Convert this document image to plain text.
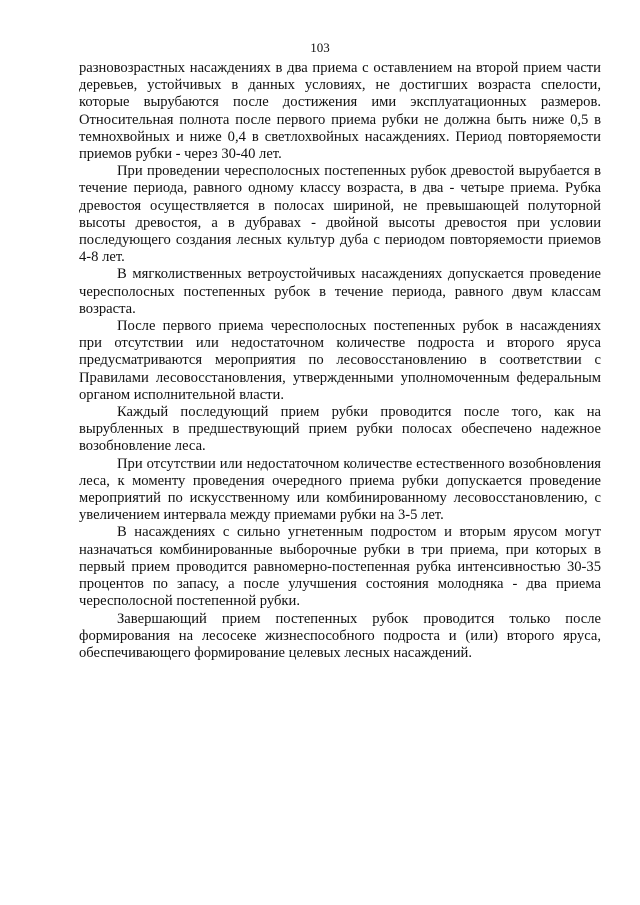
103

разновозрастных насаждениях в два приема с оставлением на второй прием части деревьев, устойчивых в данных условиях, не достигших возраста спелости, которые вырубаются после достижения ими эксплуатационных размеров. Относительная полнота после первого приема рубки не должна быть ниже 0,5 в темнохвойных и ниже 0,4 в светлохвойных насаждениях. Период повторяемости приемов рубки - через 30-40 лет.

При проведении чересполосных постепенных рубок древостой вырубается в течение периода, равного одному классу возраста, в два - четыре приема. Рубка древостоя осуществляется в полосах шириной, не превышающей полуторной высоты древостоя, а в дубравах - двойной высоты древостоя при условии последующего создания лесных культур дуба с периодом повторяемости приемов 4-8 лет.

В мягколиственных ветроустойчивых насаждениях допускается проведение чересполосных постепенных рубок в течение периода, равного двум классам возраста.

После первого приема чересполосных постепенных рубок в насаждениях при отсутствии или недостаточном количестве подроста и второго яруса предусматриваются мероприятия по лесовосстановлению в соответствии с Правилами лесовосстановления, утвержденными уполномоченным федеральным органом исполнительной власти.

Каждый последующий прием рубки проводится после того, как на вырубленных в предшествующий прием рубки полосах обеспечено надежное возобновление леса.

При отсутствии или недостаточном количестве естественного возобновления леса, к моменту проведения очередного приема рубки допускается проведение мероприятий по искусственному или комбинированному лесовосстановлению, с увеличением интервала между приемами рубки на 3-5 лет.

В насаждениях с сильно угнетенным подростом и вторым ярусом могут назначаться комбинированные выборочные рубки в три приема, при которых в первый прием проводится равномерно-постепенная рубка интенсивностью 30-35 процентов по запасу, а после улучшения состояния молодняка - два приема чересполосной постепенной рубки.

Завершающий прием постепенных рубок проводится только после формирования на лесосеке жизнеспособного подроста и (или) второго яруса, обеспечивающего формирование целевых лесных насаждений.
